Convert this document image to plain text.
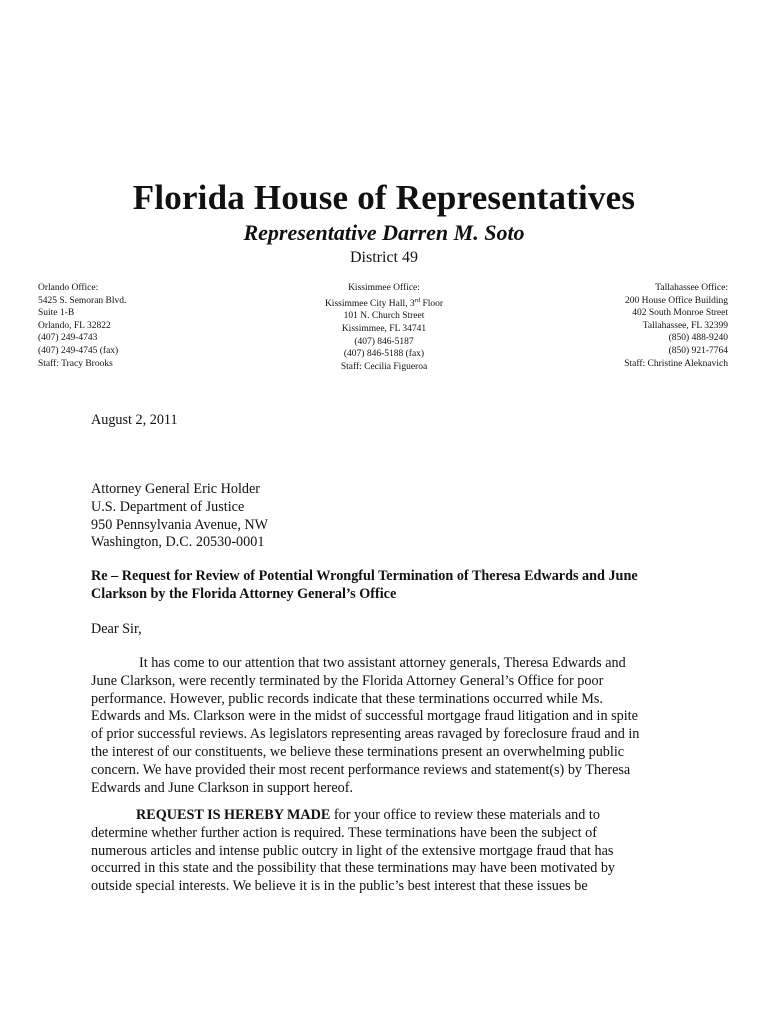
Florida House of Representatives
Representative Darren M. Soto
District 49
Orlando Office:
5425 S. Semoran Blvd.
Suite 1-B
Orlando, FL 32822
(407) 249-4743
(407) 249-4745 (fax)
Staff: Tracy Brooks
Kissimmee Office:
Kissimmee City Hall, 3rd Floor
101 N. Church Street
Kissimmee, FL 34741
(407) 846-5187
(407) 846-5188 (fax)
Staff: Cecilia Figueroa
Tallahassee Office:
200 House Office Building
402 South Monroe Street
Tallahassee, FL 32399
(850) 488-9240
(850) 921-7764
Staff: Christine Aleknavich
August 2, 2011
Attorney General Eric Holder
U.S. Department of Justice
950 Pennsylvania Avenue, NW
Washington, D.C. 20530-0001
Re – Request for Review of Potential Wrongful Termination of Theresa Edwards and June
Clarkson by the Florida Attorney General’s Office
Dear Sir,
It has come to our attention that two assistant attorney generals, Theresa Edwards and
June Clarkson, were recently terminated by the Florida Attorney General’s Office for poor
performance. However, public records indicate that these terminations occurred while Ms.
Edwards and Ms. Clarkson were in the midst of successful mortgage fraud litigation and in spite
of prior successful reviews. As legislators representing areas ravaged by foreclosure fraud and in
the interest of our constituents, we believe these terminations present an overwhelming public
concern. We have provided their most recent performance reviews and statement(s) by Theresa
Edwards and June Clarkson in support hereof.
REQUEST IS HEREBY MADE for your office to review these materials and to
determine whether further action is required. These terminations have been the subject of
numerous articles and intense public outcry in light of the extensive mortgage fraud that has
occurred in this state and the possibility that these terminations may have been motivated by
outside special interests. We believe it is in the public’s best interest that these issues be
